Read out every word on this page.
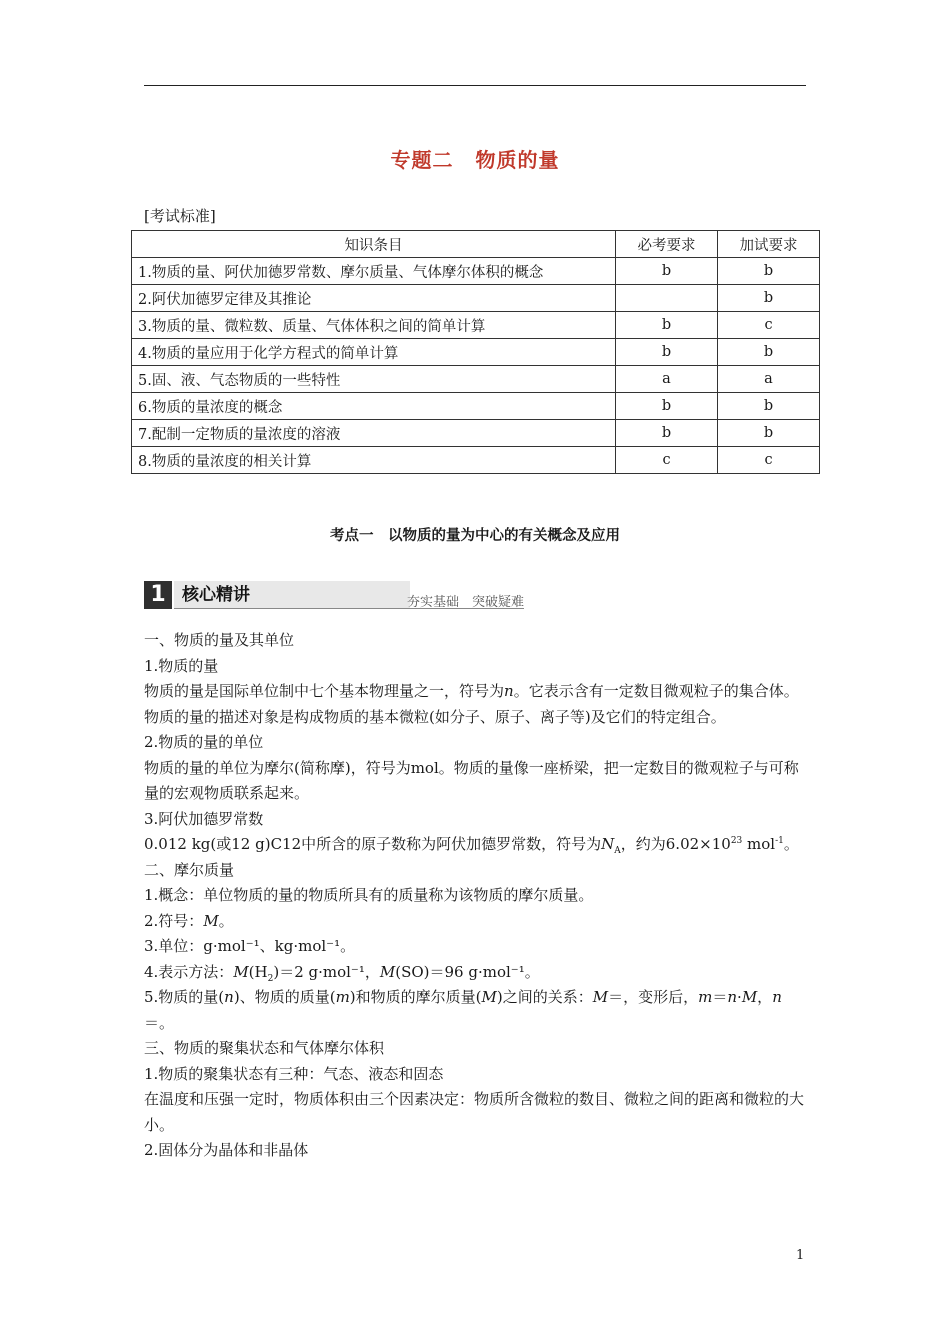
专题二 物质的量
[考试标准]
知识条目	必考要求	加试要求
1.物质的量、阿伏加德罗常数、摩尔质量、气体摩尔体积的概念	b	b
2.阿伏加德罗定律及其推论		b
3.物质的量、微粒数、质量、气体体积之间的简单计算	b	c
4.物质的量应用于化学方程式的简单计算	b	b
5.固、液、气态物质的一些特性	a	a
6.物质的量浓度的概念	b	b
7.配制一定物质的量浓度的溶液	b	b
8.物质的量浓度的相关计算	c	c
考点一　以物质的量为中心的有关概念及应用
1 核心精讲	夯实基础　突破疑难

一、物质的量及其单位

1.物质的量

物质的量是国际单位制中七个基本物理量之一，符号为n。它表示含有一定数目微观粒子的集合体。

物质的量的描述对象是构成物质的基本微粒(如分子、原子、离子等)及它们的特定组合。

2.物质的量的单位

物质的量的单位为摩尔(简称摩)，符号为mol。物质的量像一座桥梁，把一定数目的微观粒子与可称量的宏观物质联系起来。

3.阿伏加德罗常数

0.012 kg(或12 g)C12中所含的原子数称为阿伏加德罗常数，符号为$N_A$，约为$6.02\times 10^{23}$ mol$^{-1}$。

二、摩尔质量

1.概念：单位物质的量的物质所具有的质量称为该物质的摩尔质量。

2.符号：M。

3.单位：g·mol⁻¹、kg·mol⁻¹。

4.表示方法：$M(H_2)=2$ g·mol⁻¹，M(SO)＝96 g·mol⁻¹。

5.物质的量(n)、物质的质量(m)和物质的摩尔质量(M)之间的关系：M＝，变形后，m＝n·M，n＝。

三、物质的聚集状态和气体摩尔体积

1.物质的聚集状态有三种：气态、液态和固态

在温度和压强一定时，物质体积由三个因素决定：物质所含微粒的数目、微粒之间的距离和微粒的大小。

2.固体分为晶体和非晶体

1
